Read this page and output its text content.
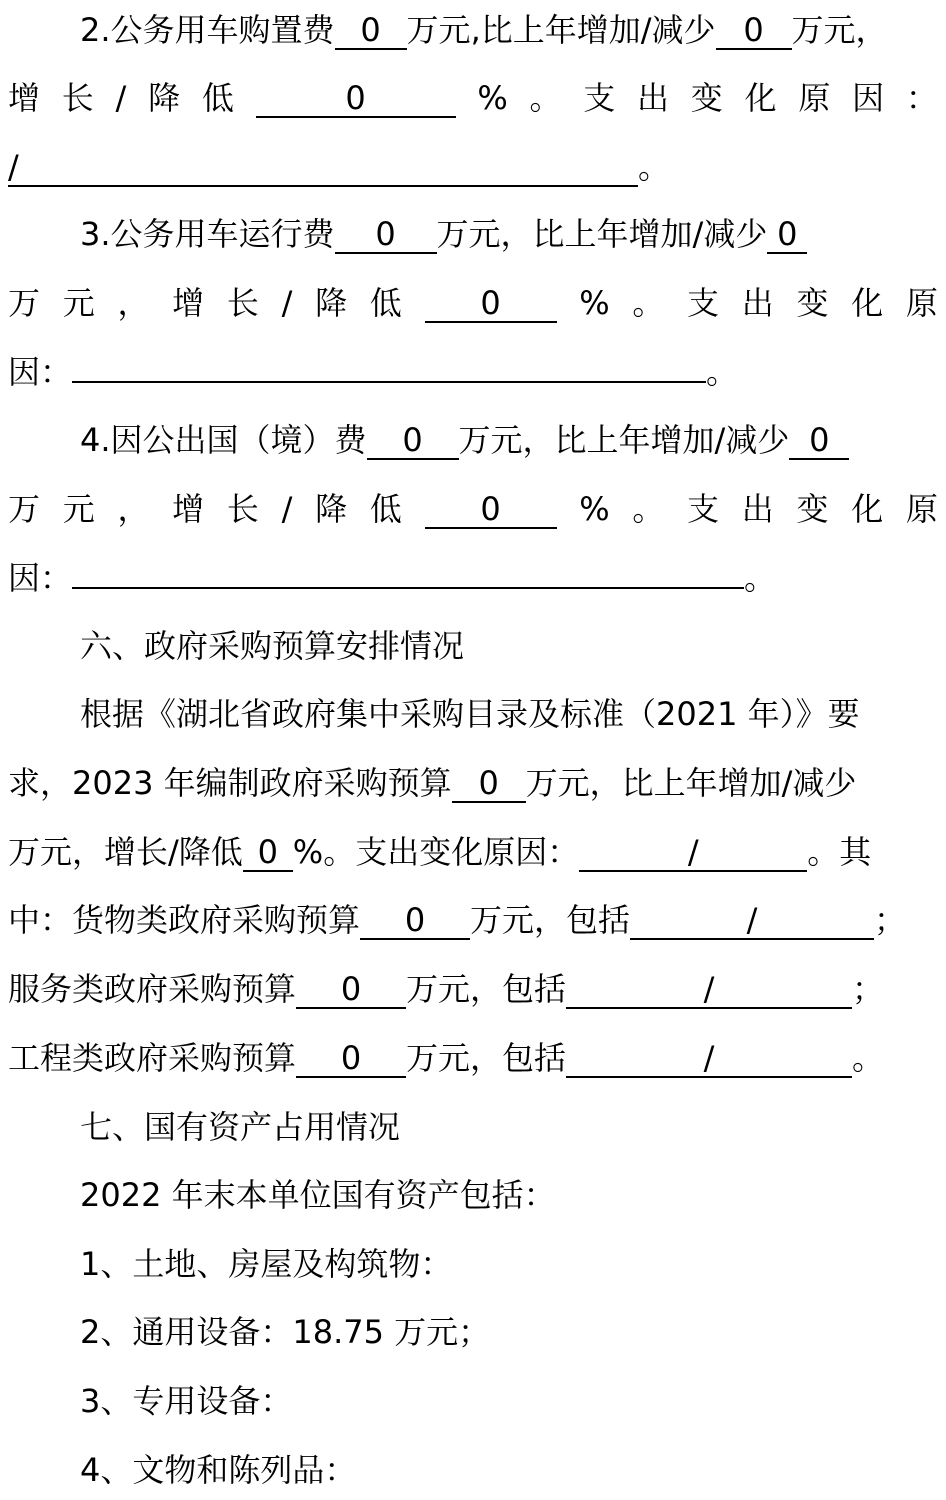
2.公务用车购置费 0 万元,比上年增加/减少 0 万元，
增 长 / 降 低	0	% 。 支 出 变 化 原 因 ：
/	。
3.公务用车运行费 0 万元，比上年增加/减少 0
万 元 ， 增 长 / 降 低	0	% 。 支 出 变 化 原
因：	。
4.因公出国（境）费 0 万元，比上年增加/减少 0
万 元 ， 增 长 / 降 低	0	% 。 支 出 变 化 原
因：	。
六、政府采购预算安排情况
根据《湖北省政府集中采购目录及标准（2021 年）》要
求，2023 年编制政府采购预算 0 万元，比上年增加/减少
万元，增长/降低 0 %。支出变化原因：	/	。其
中：货物类政府采购预算 0 万元，包括	/	；
服务类政府采购预算 0 万元，包括	/	；
工程类政府采购预算 0 万元，包括	/	。
七、国有资产占用情况
2022 年末本单位国有资产包括：
1、土地、房屋及构筑物：
2、通用设备：18.75 万元；
3、专用设备：
4、文物和陈列品：
